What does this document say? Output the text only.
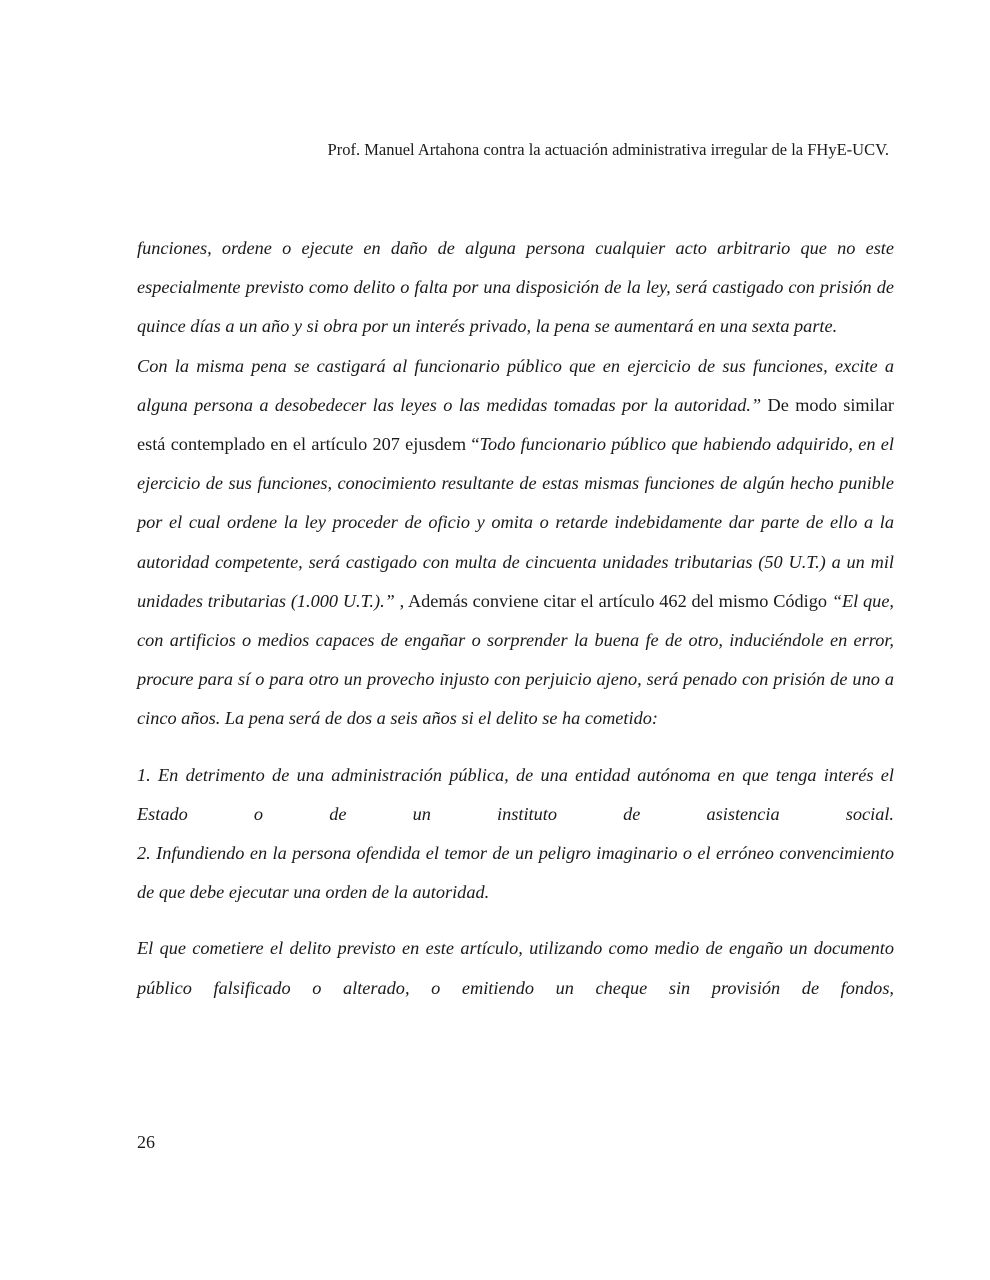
Prof. Manuel Artahona contra la actuación administrativa irregular de la FHyE-UCV.

funciones, ordene o ejecute en daño de alguna persona cualquier acto arbitrario que no este especialmente previsto como delito o falta por una disposición de la ley, será castigado con prisión de quince días a un año y si obra por un interés privado, la pena se aumentará en una sexta parte.

Con la misma pena se castigará al funcionario público que en ejercicio de sus funciones, excite a alguna persona a desobedecer las leyes o las medidas tomadas por la autoridad.” De modo similar está contemplado en el artículo 207 ejusdem “Todo funcionario público que habiendo adquirido, en el ejercicio de sus funciones, conocimiento resultante de estas mismas funciones de algún hecho punible por el cual ordene la ley proceder de oficio y omita o retarde indebidamente dar parte de ello a la autoridad competente, será castigado con multa de cincuenta unidades tributarias (50 U.T.) a un mil unidades tributarias (1.000 U.T.).” , Además conviene citar el artículo 462 del mismo Código “El que, con artificios o medios capaces de engañar o sorprender la buena fe de otro, induciéndole en error, procure para sí o para otro un provecho injusto con perjuicio ajeno, será penado con prisión de uno a cinco años. La pena será de dos a seis años si el delito se ha cometido:

1. En detrimento de una administración pública, de una entidad autónoma en que tenga interés el Estado o de un instituto de asistencia social.

2. Infundiendo en la persona ofendida el temor de un peligro imaginario o el erróneo convencimiento de que debe ejecutar una orden de la autoridad.

El que cometiere el delito previsto en este artículo, utilizando como medio de engaño un documento público falsificado o alterado, o emitiendo un cheque sin provisión de fondos,

26
